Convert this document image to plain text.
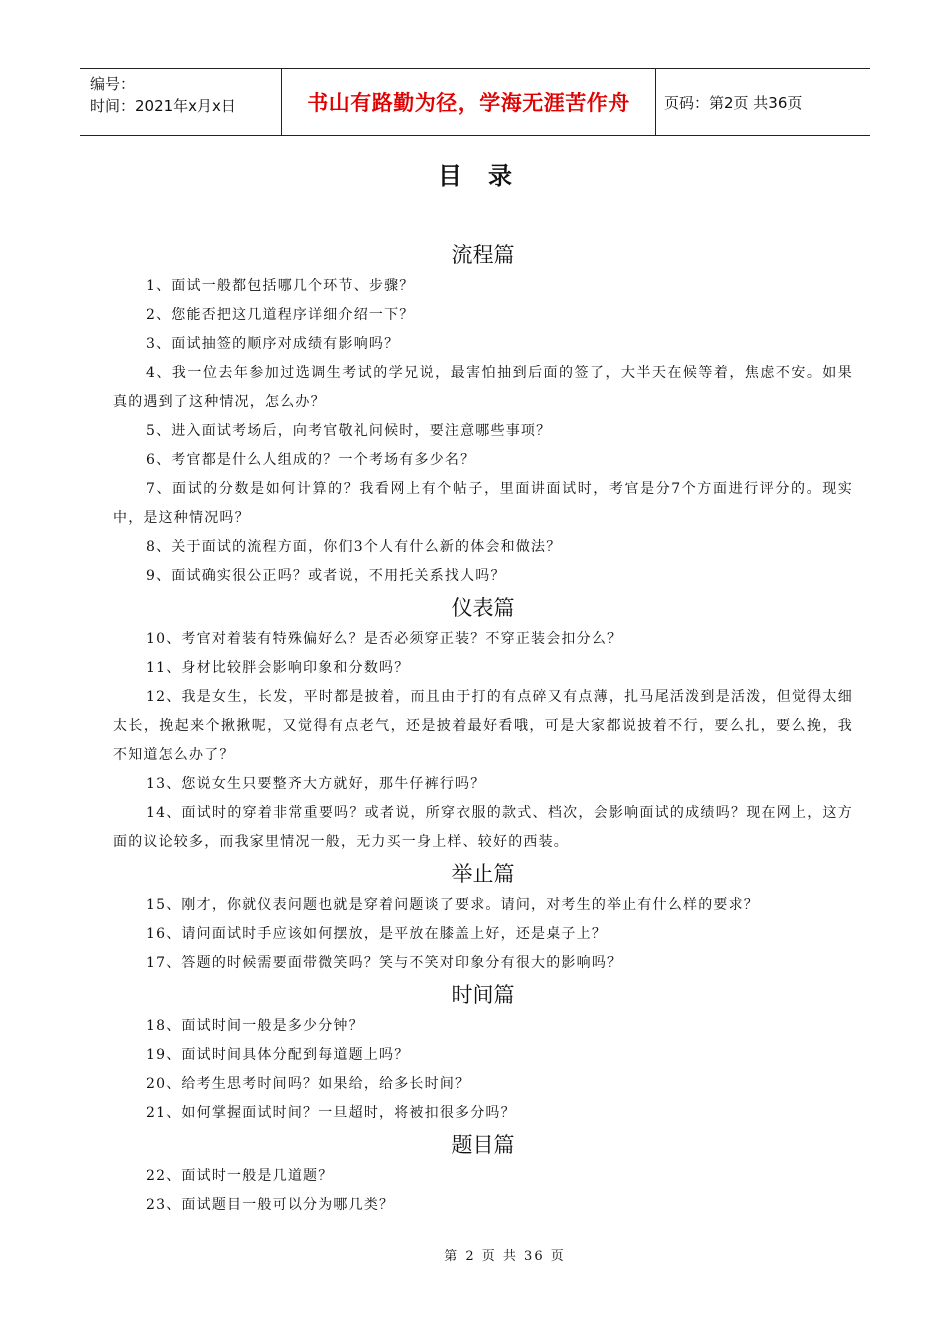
编号：
时间：2021年x月x日	书山有路勤为径，学海无涯苦作舟 页码：第2页 共36页
目录
流程篇

1、面试一般都包括哪几个环节、步骤？

2、您能否把这几道程序详细介绍一下？

3、面试抽签的顺序对成绩有影响吗？

4、我一位去年参加过选调生考试的学兄说，最害怕抽到后面的签了，大半天在候等着，焦虑不安。如果真的遇到了这种情况，怎么办？

5、进入面试考场后，向考官敬礼问候时，要注意哪些事项？

6、考官都是什么人组成的？一个考场有多少名？

7、面试的分数是如何计算的？我看网上有个帖子，里面讲面试时，考官是分7个方面进行评分的。现实中，是这种情况吗？

8、关于面试的流程方面，你们3个人有什么新的体会和做法？

9、面试确实很公正吗？或者说，不用托关系找人吗？

仪表篇

10、考官对着装有特殊偏好么？是否必须穿正装？不穿正装会扣分么？

11、身材比较胖会影响印象和分数吗？

12、我是女生，长发，平时都是披着，而且由于打的有点碎又有点薄，扎马尾活泼到是活泼，但觉得太细太长，挽起来个揪揪呢，又觉得有点老气，还是披着最好看哦，可是大家都说披着不行，要么扎，要么挽，我不知道怎么办了？

13、您说女生只要整齐大方就好，那牛仔裤行吗？

14、面试时的穿着非常重要吗？或者说，所穿衣服的款式、档次，会影响面试的成绩吗？现在网上，这方面的议论较多，而我家里情况一般，无力买一身上样、较好的西装。

举止篇

15、刚才，你就仪表问题也就是穿着问题谈了要求。请问，对考生的举止有什么样的要求？

16、请问面试时手应该如何摆放，是平放在膝盖上好，还是桌子上？

17、答题的时候需要面带微笑吗？笑与不笑对印象分有很大的影响吗？

时间篇

18、面试时间一般是多少分钟？

19、面试时间具体分配到每道题上吗？

20、给考生思考时间吗？如果给，给多长时间？

21、如何掌握面试时间？一旦超时，将被扣很多分吗？

题目篇

22、面试时一般是几道题？

23、面试题目一般可以分为哪几类？

第 2 页 共 36 页
